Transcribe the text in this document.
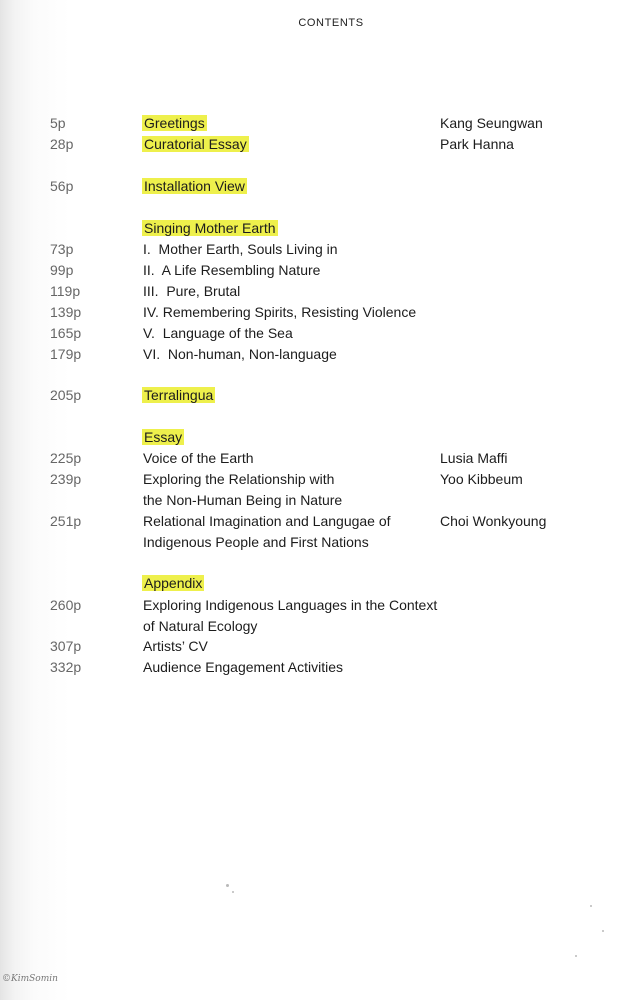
CONTENTS
5p	Greetings	Kang Seungwan
28p	Curatorial Essay	Park Hanna
56p	Installation View
Singing Mother Earth
73p	I.  Mother Earth, Souls Living in
99p	II.  A Life Resembling Nature
119p	III.  Pure, Brutal
139p	IV. Remembering Spirits, Resisting Violence
165p	V.  Language of the Sea
179p	VI.  Non-human, Non-language
205p	Terralingua
Essay
225p	Voice of the Earth	Lusia Maffi
239p	Exploring the Relationship with	Yoo Kibbeum
the Non-Human Being in Nature
251p	Relational Imagination and Langugae of	Choi Wonkyoung
Indigenous People and First Nations
Appendix
260p	Exploring Indigenous Languages in the Context
of Natural Ecology
307p	Artists’ CV
332p	Audience Engagement Activities
©KimSomin
